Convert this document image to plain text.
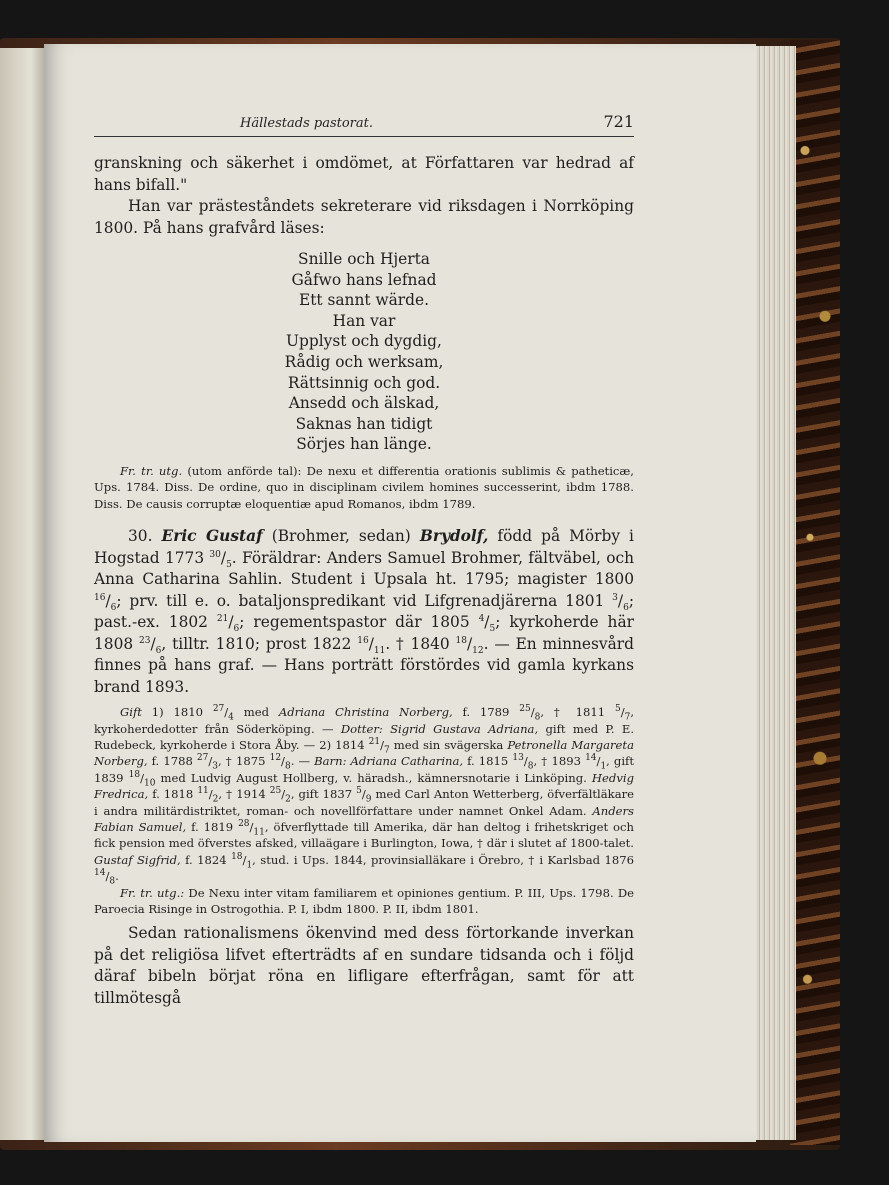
Hällestads pastorat.	721

granskning och säkerhet i omdömet, at Författaren var hedrad af hans bifall."

Han var prästeståndets sekreterare vid riksdagen i Norrköping 1800. På hans grafvård läses:

Snille och Hjerta
Gåfwo hans lefnad
Ett sannt wärde.
Han var
Upplyst och dygdig,
Rådig och werksam,
Rättsinnig och god.
Ansedd och älskad,
Saknas han tidigt
Sörjes han länge.

Fr. tr. utg. (utom anförde tal): De nexu et differentia orationis sublimis & patheticæ, Ups. 1784. Diss. De ordine, quo in disciplinam civilem homines successerint, ibdm 1788. Diss. De causis corruptæ eloquentiæ apud Romanos, ibdm 1789.

30. Eric Gustaf (Brohmer, sedan) Brydolf, född på Mörby i Hogstad 1773 $^{30}/_5$. Föräldrar: Anders Samuel Brohmer, fältväbel, och Anna Catharina Sahlin. Student i Upsala ht. 1795; magister 1800 $^{16}/_6$; prv. till e. o. bataljonspredikant vid Lifgrenadjärerna 1801 $^3/_6$; past.-ex. 1802 $^{21}/_6$; regementspastor där 1805 $^4/_5$; kyrkoherde här 1808 $^{23}/_6$, tilltr. 1810; prost 1822 $^{16}/_{11}$. † 1840 $^{18}/_{12}$. — En minnesvård finnes på hans graf. — Hans porträtt förstördes vid gamla kyrkans brand 1893.

Gift 1) 1810 $^{27}/_4$ med Adriana Christina Norberg, f. 1789 $^{25}/_8$, † 1811 $^5/_7$, kyrkoherdedotter från Söderköping. — Dotter: Sigrid Gustava Adriana, gift med P. E. Rudebeck, kyrkoherde i Stora Åby. — 2) 1814 $^{21}/_7$ med sin svägerska Petronella Margareta Norberg, f. 1788 $^{27}/_3$, † 1875 $^{12}/_8$. — Barn: Adriana Catharina, f. 1815 $^{13}/_8$, † 1893 $^{14}/_1$, gift 1839 $^{18}/_{10}$ med Ludvig August Hollberg, v. häradsh., kämnersnotarie i Linköping. Hedvig Fredrica, f. 1818 $^{11}/_2$, † 1914 $^{25}/_2$, gift 1837 $^5/_9$ med Carl Anton Wetterberg, öfverfältläkare i andra militärdistriktet, roman- och novellförfattare under namnet Onkel Adam. Anders Fabian Samuel, f. 1819 $^{28}/_{11}$, öfverflyttade till Amerika, där han deltog i frihetskriget och fick pension med öfverstes afsked, villaägare i Burlington, Iowa, † där i slutet af 1800-talet. Gustaf Sigfrid, f. 1824 $^{18}/_1$, stud. i Ups. 1844, provinsialläkare i Örebro, † i Karlsbad 1876 $^{14}/_8$.

Fr. tr. utg.: De Nexu inter vitam familiarem et opiniones gentium. P. III, Ups. 1798. De Paroecia Risinge in Ostrogothia. P. I, ibdm 1800. P. II, ibdm 1801.

Sedan rationalismens ökenvind med dess förtorkande inverkan på det religiösa lifvet efterträdts af en sundare tidsanda och i följd däraf bibeln börjat röna en lifligare efterfrågan, samt för att tillmötesgå
